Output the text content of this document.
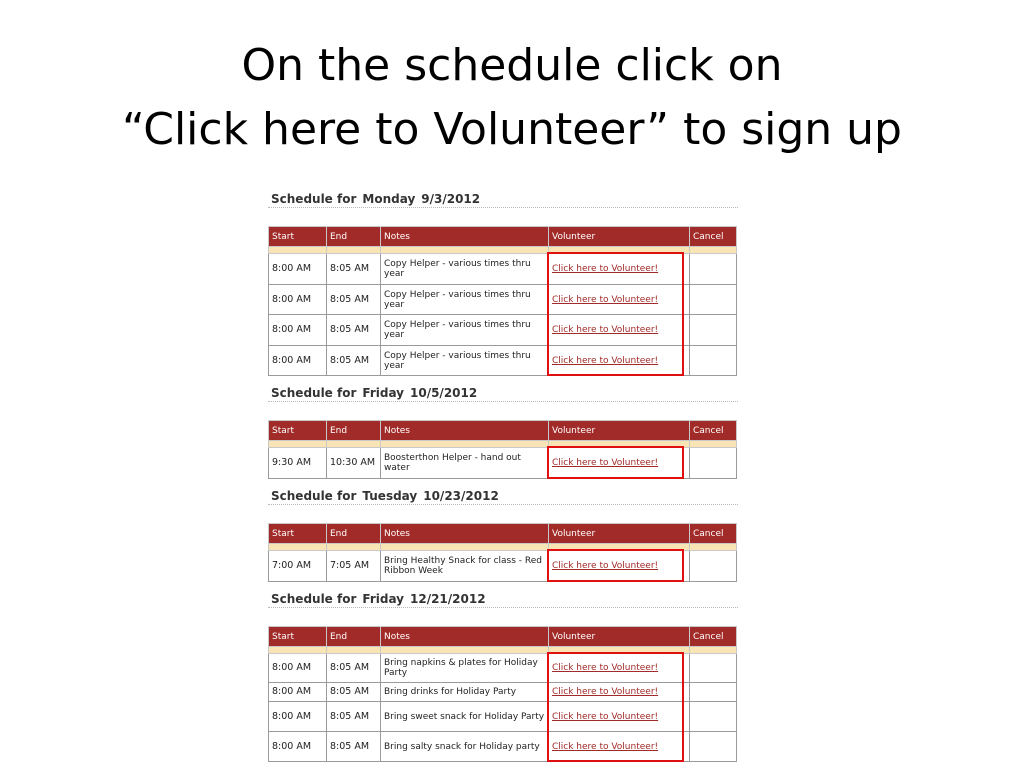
On the schedule click on
“Click here to Volunteer” to sign up
Schedule for Monday 9/3/2012
Start	End	Notes	Volunteer	Cancel

8:00 AM	8:05 AM	Copy Helper - various times thru year	Click here to Volunteer!	
8:00 AM	8:05 AM	Copy Helper - various times thru year	Click here to Volunteer!	
8:00 AM	8:05 AM	Copy Helper - various times thru year	Click here to Volunteer!	
8:00 AM	8:05 AM	Copy Helper - various times thru year	Click here to Volunteer!	
Schedule for Friday 10/5/2012
Start	End	Notes	Volunteer	Cancel

9:30 AM	10:30 AM	Boosterthon Helper - hand out water	Click here to Volunteer!	
Schedule for Tuesday 10/23/2012
Start	End	Notes	Volunteer	Cancel

7:00 AM	7:05 AM	Bring Healthy Snack for class - Red Ribbon Week	Click here to Volunteer!	
Schedule for Friday 12/21/2012
Start	End	Notes	Volunteer	Cancel

8:00 AM	8:05 AM	Bring napkins & plates for Holiday Party	Click here to Volunteer!	
8:00 AM	8:05 AM	Bring drinks for Holiday Party	Click here to Volunteer!	
8:00 AM	8:05 AM	Bring sweet snack for Holiday Party	Click here to Volunteer!	
8:00 AM	8:05 AM	Bring salty snack for Holiday party	Click here to Volunteer!	
